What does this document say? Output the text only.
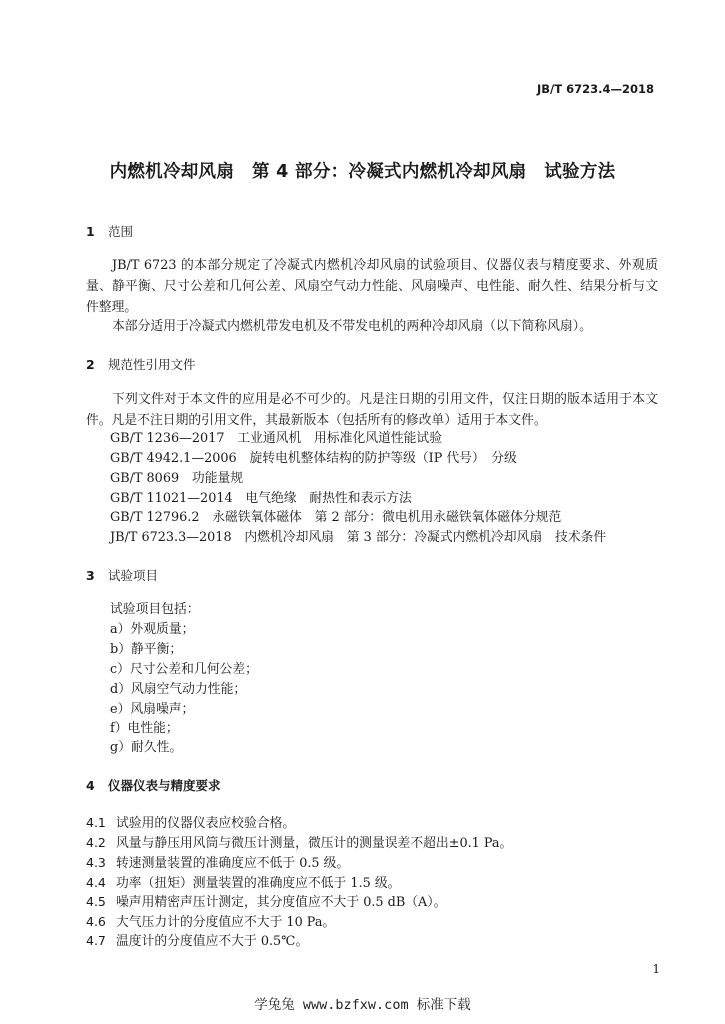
JB/T 6723.4—2018
内燃机冷却风扇　第 4 部分：冷凝式内燃机冷却风扇　试验方法
1 范围
JB/T 6723 的本部分规定了冷凝式内燃机冷却风扇的试验项目、仪器仪表与精度要求、外观质量、静平衡、尺寸公差和几何公差、风扇空气动力性能、风扇噪声、电性能、耐久性、结果分析与文件整理。
本部分适用于冷凝式内燃机带发电机及不带发电机的两种冷却风扇（以下简称风扇）。
2 规范性引用文件
下列文件对于本文件的应用是必不可少的。凡是注日期的引用文件，仅注日期的版本适用于本文件。凡是不注日期的引用文件，其最新版本（包括所有的修改单）适用于本文件。
GB/T 1236—2017　工业通风机　用标准化风道性能试验
GB/T 4942.1—2006　旋转电机整体结构的防护等级（IP 代号）　分级
GB/T 8069　功能量规
GB/T 11021—2014　电气绝缘　耐热性和表示方法
GB/T 12796.2　永磁铁氧体磁体　第 2 部分：微电机用永磁铁氧体磁体分规范
JB/T 6723.3—2018　内燃机冷却风扇　第 3 部分：冷凝式内燃机冷却风扇　技术条件
3 试验项目
试验项目包括：
a）外观质量；
b）静平衡；
c）尺寸公差和几何公差；
d）风扇空气动力性能；
e）风扇噪声；
f）电性能；
g）耐久性。
4 仪器仪表与精度要求
4.1 试验用的仪器仪表应校验合格。
4.2 风量与静压用风筒与微压计测量，微压计的测量误差不超出±0.1 Pa。
4.3 转速测量装置的准确度应不低于 0.5 级。
4.4 功率（扭矩）测量装置的准确度应不低于 1.5 级。
4.5 噪声用精密声压计测定，其分度值应不大于 0.5 dB（A）。
4.6 大气压力计的分度值应不大于 10 Pa。
4.7 温度计的分度值应不大于 0.5℃。
1
学兔兔 www.bzfxw.com 标准下载
